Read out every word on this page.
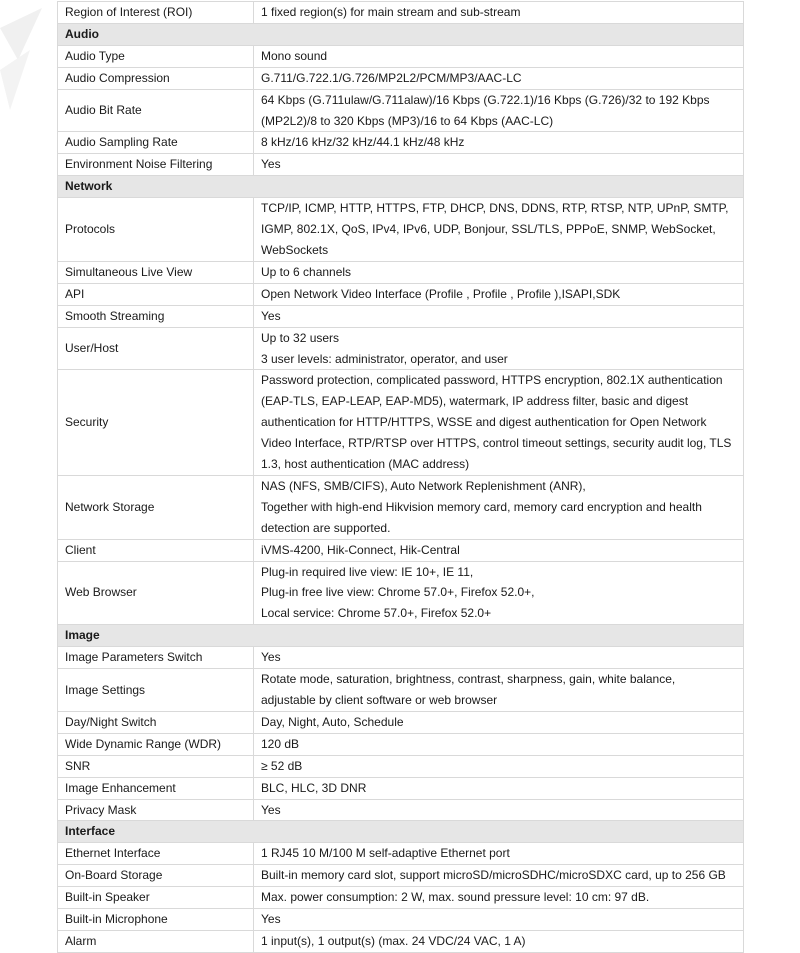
Region of Interest (ROI)	1 fixed region(s) for main stream and sub-stream

Audio	
Audio Type	Mono sound

Audio Compression	G.711/G.722.1/G.726/MP2L2/PCM/MP3/AAC-LC

Audio Bit Rate	64 Kbps (G.711ulaw/G.711alaw)/16 Kbps (G.722.1)/16 Kbps (G.726)/32 to 192 Kbps
(MP2L2)/8 to 320 Kbps (MP3)/16 to 64 Kbps (AAC-LC)

Audio Sampling Rate	8 kHz/16 kHz/32 kHz/44.1 kHz/48 kHz

Environment Noise Filtering	Yes

Network	
Protocols	TCP/IP, ICMP, HTTP, HTTPS, FTP, DHCP, DNS, DDNS, RTP, RTSP, NTP, UPnP, SMTP,
IGMP, 802.1X, QoS, IPv4, IPv6, UDP, Bonjour, SSL/TLS, PPPoE, SNMP, WebSocket,
WebSockets

Simultaneous Live View	Up to 6 channels

API	Open Network Video Interface (Profile , Profile , Profile ),ISAPI,SDK

Smooth Streaming	Yes

User/Host	Up to 32 users
3 user levels: administrator, operator, and user

Security	Password protection, complicated password, HTTPS encryption, 802.1X authentication
(EAP-TLS, EAP-LEAP, EAP-MD5), watermark, IP address filter, basic and digest
authentication for HTTP/HTTPS, WSSE and digest authentication for Open Network
Video Interface, RTP/RTSP over HTTPS, control timeout settings, security audit log, TLS
1.3, host authentication (MAC address)

Network Storage	NAS (NFS, SMB/CIFS), Auto Network Replenishment (ANR),
Together with high-end Hikvision memory card, memory card encryption and health
detection are supported.

Client	iVMS-4200, Hik-Connect, Hik-Central

Web Browser	Plug-in required live view: IE 10+, IE 11,
Plug-in free live view: Chrome 57.0+, Firefox 52.0+,
Local service: Chrome 57.0+, Firefox 52.0+

Image	
Image Parameters Switch	Yes

Image Settings	Rotate mode, saturation, brightness, contrast, sharpness, gain, white balance,
adjustable by client software or web browser

Day/Night Switch	Day, Night, Auto, Schedule

Wide Dynamic Range (WDR)	120 dB

SNR	≥ 52 dB

Image Enhancement	BLC, HLC, 3D DNR

Privacy Mask	Yes

Interface	
Ethernet Interface	1 RJ45 10 M/100 M self-adaptive Ethernet port

On-Board Storage	Built-in memory card slot, support microSD/microSDHC/microSDXC card, up to 256 GB

Built-in Speaker	Max. power consumption: 2 W, max. sound pressure level: 10 cm: 97 dB.

Built-in Microphone	Yes

Alarm	1 input(s), 1 output(s) (max. 24 VDC/24 VAC, 1 A)
